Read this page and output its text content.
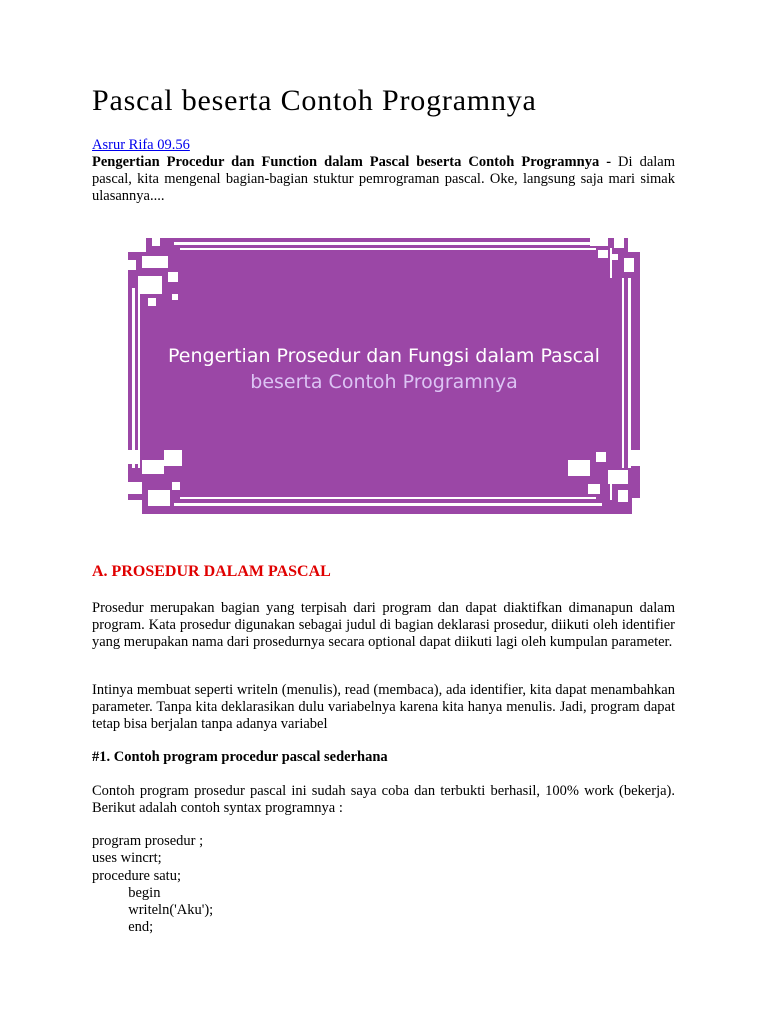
Pascal beserta Contoh Programnya
Asrur Rifa 09.56

Pengertian Procedur dan Function dalam Pascal beserta Contoh Programnya - Di dalam pascal, kita mengenal bagian-bagian stuktur pemrograman pascal. Oke, langsung saja mari simak ulasannya....

Pengertian Prosedur dan Fungsi dalam Pascal
beserta Contoh Programnya
A. PROSEDUR DALAM PASCAL

Prosedur merupakan bagian yang terpisah dari program dan dapat diaktifkan dimanapun dalam program. Kata prosedur digunakan sebagai judul di bagian deklarasi prosedur, diikuti oleh identifier yang merupakan nama dari prosedurnya secara optional dapat diikuti lagi oleh kumpulan parameter.

Intinya membuat seperti writeln (menulis), read (membaca), ada identifier, kita dapat menambahkan parameter. Tanpa kita deklarasikan dulu variabelnya karena kita hanya menulis. Jadi, program dapat tetap bisa berjalan tanpa adanya variabel

#1. Contoh program procedur pascal sederhana

Contoh program prosedur pascal ini sudah saya coba dan terbukti berhasil, 100% work (bekerja). Berikut adalah contoh syntax programnya :

program prosedur ;
uses wincrt;
procedure satu;
begin
writeln('Aku');
end;
